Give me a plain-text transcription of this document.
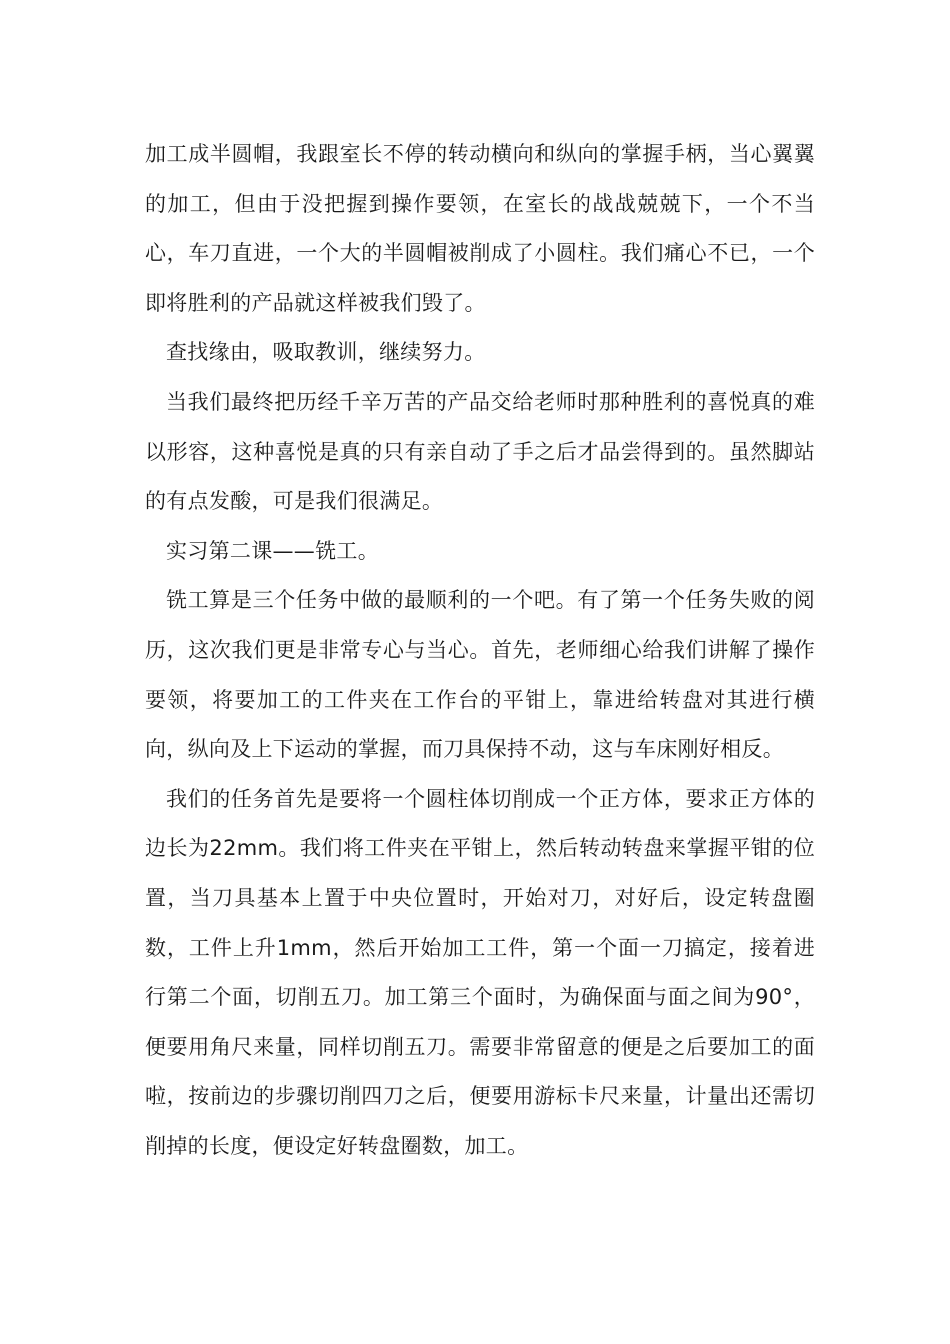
加工成半圆帽，我跟室长不停的转动横向和纵向的掌握手柄，当心翼翼的加工，但由于没把握到操作要领，在室长的战战兢兢下，一个不当心，车刀直进，一个大的半圆帽被削成了小圆柱。我们痛心不已，一个即将胜利的产品就这样被我们毁了。

查找缘由，吸取教训，继续努力。

当我们最终把历经千辛万苦的产品交给老师时那种胜利的喜悦真的难以形容，这种喜悦是真的只有亲自动了手之后才品尝得到的。虽然脚站的有点发酸，可是我们很满足。

实习第二课——铣工。

铣工算是三个任务中做的最顺利的一个吧。有了第一个任务失败的阅历，这次我们更是非常专心与当心。首先，老师细心给我们讲解了操作要领，将要加工的工件夹在工作台的平钳上，靠进给转盘对其进行横向，纵向及上下运动的掌握，而刀具保持不动，这与车床刚好相反。

我们的任务首先是要将一个圆柱体切削成一个正方体，要求正方体的边长为22mm。我们将工件夹在平钳上，然后转动转盘来掌握平钳的位置，当刀具基本上置于中央位置时，开始对刀，对好后，设定转盘圈数，工件上升1mm，然后开始加工工件，第一个面一刀搞定，接着进行第二个面，切削五刀。加工第三个面时，为确保面与面之间为90°，便要用角尺来量，同样切削五刀。需要非常留意的便是之后要加工的面啦，按前边的步骤切削四刀之后，便要用游标卡尺来量，计量出还需切削掉的长度，便设定好转盘圈数，加工。
